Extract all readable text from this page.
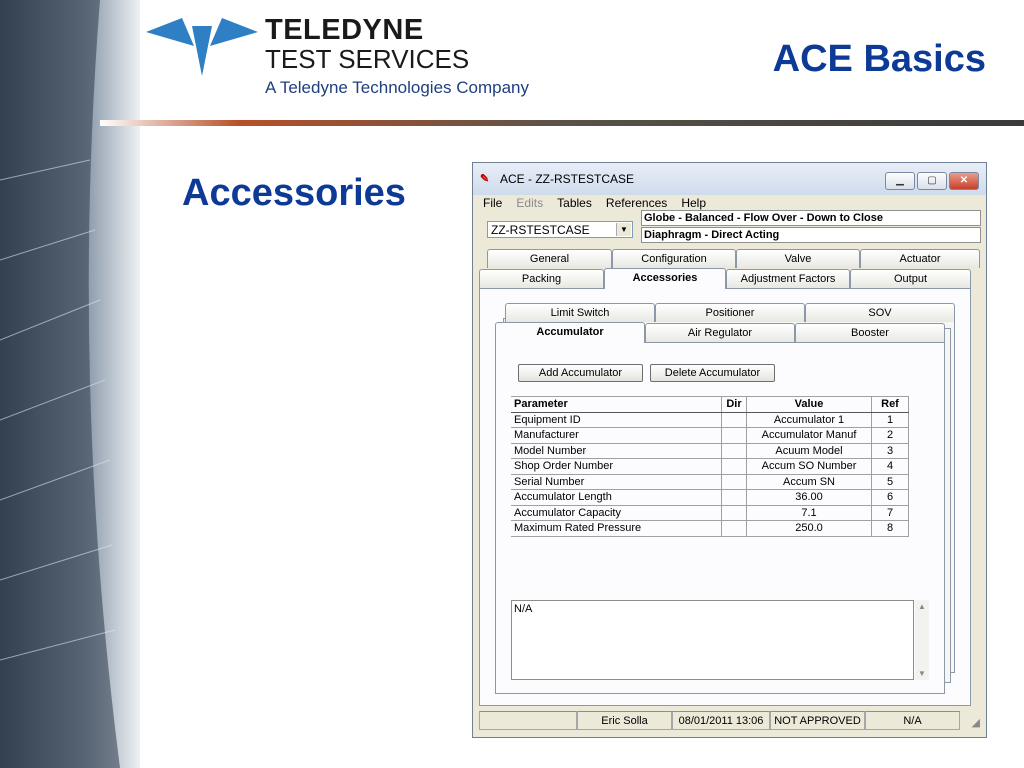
TELEDYNE
TEST SERVICES
A Teledyne Technologies Company
ACE Basics
Accessories	✎ ACE - ZZ-RSTESTCASE	▁	▢	✕
File Edits Tables References Help
ZZ-RSTESTCASE	▼
Globe - Balanced - Flow Over - Down to Close
Diaphragm - Direct Acting
General	Configuration	Valve	Actuator
Packing	Accessories	Adjustment Factors	Output
Limit Switch	Positioner	SOV
Accumulator	Air Regulator	Booster
Add Accumulator	Delete Accumulator
Parameter	Dir	Value	Ref
Equipment ID		Accumulator 1	1
Manufacturer		Accumulator Manuf	2
Model Number		Acuum Model	3
Shop Order Number		Accum SO Number	4
Serial Number		Accum SN	5
Accumulator Length		36.00	6
Accumulator Capacity		7.1	7
Maximum Rated Pressure		250.0	8
N/A	▲
▼
Eric Solla	08/01/2011 13:06 NOT APPROVED	N/A	◢
